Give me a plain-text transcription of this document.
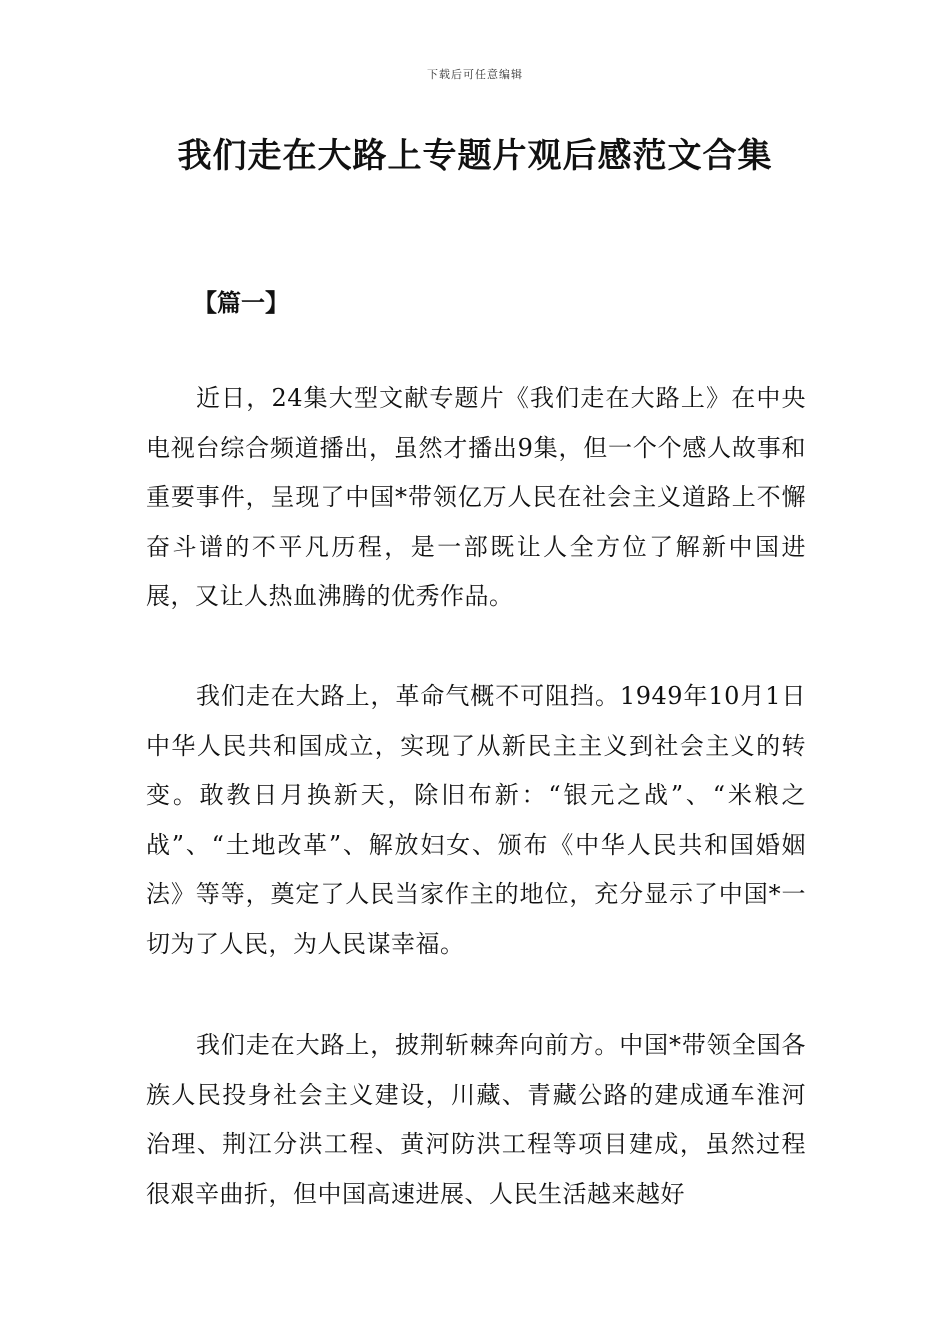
下载后可任意编辑
我们走在大路上专题片观后感范文合集
【篇一】

近日，24集大型文献专题片《我们走在大路上》在中央电视台综合频道播出，虽然才播出9集，但一个个感人故事和重要事件，呈现了中国*带领亿万人民在社会主义道路上不懈奋斗谱的不平凡历程，是一部既让人全方位了解新中国进展，又让人热血沸腾的优秀作品。

我们走在大路上，革命气概不可阻挡。1949年10月1日中华人民共和国成立，实现了从新民主主义到社会主义的转变。敢教日月换新天，除旧布新：“银元之战”、“米粮之战”、“土地改革”、解放妇女、颁布《中华人民共和国婚姻法》等等，奠定了人民当家作主的地位，充分显示了中国*一切为了人民，为人民谋幸福。

我们走在大路上，披荆斩棘奔向前方。中国*带领全国各族人民投身社会主义建设，川藏、青藏公路的建成通车淮河治理、荆江分洪工程、黄河防洪工程等项目建成，虽然过程很艰辛曲折，但中国高速进展、人民生活越来越好
